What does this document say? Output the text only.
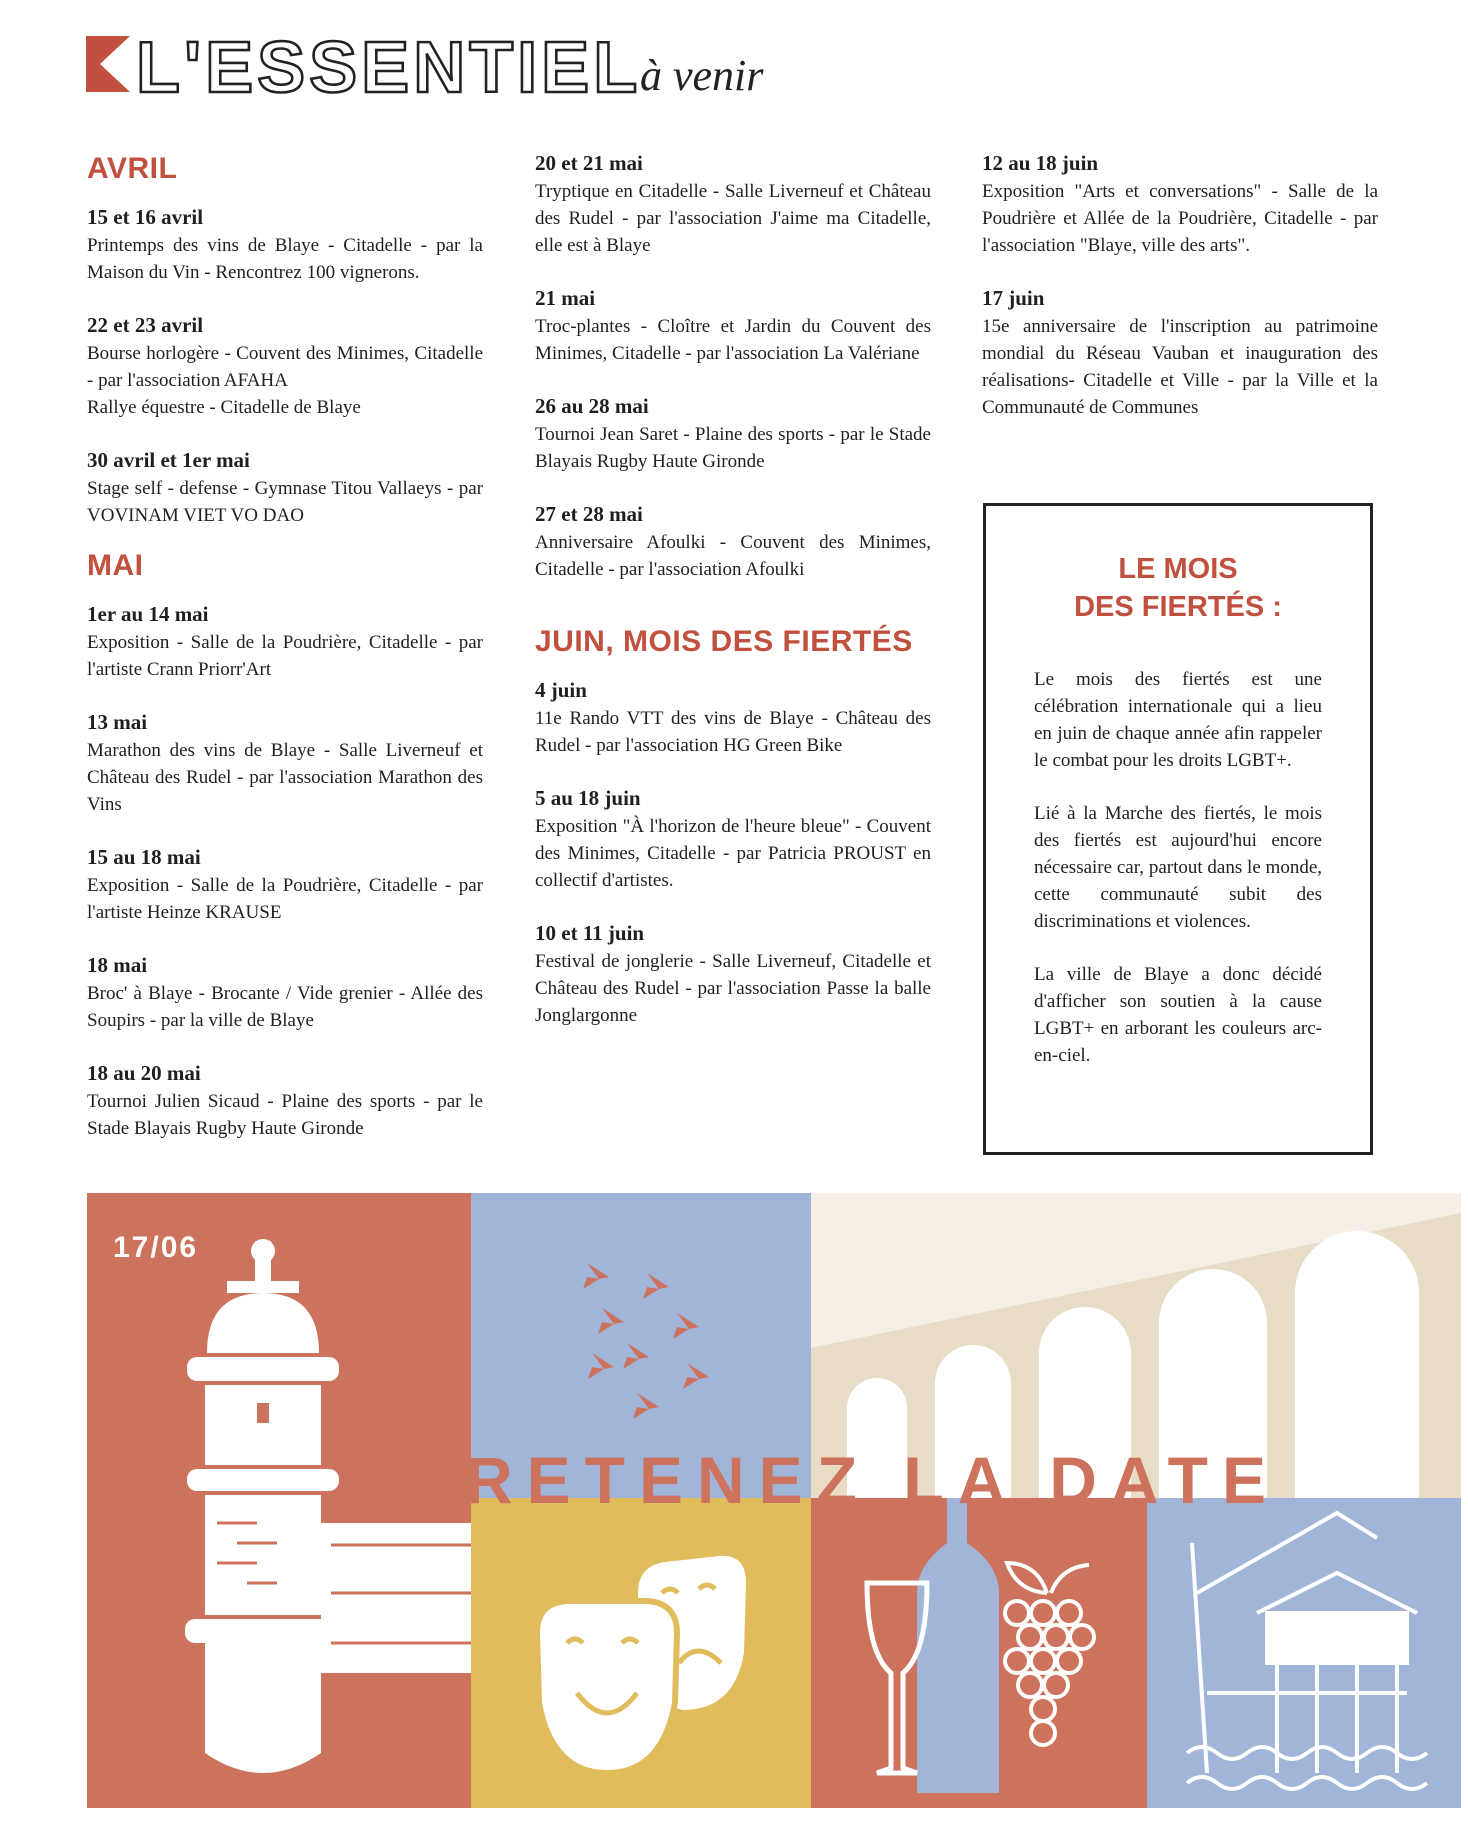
L'ESSENTIEL
à venir
AVRIL
15 et 16 avril

Printemps des vins de Blaye - Citadelle - par la Maison du Vin - Rencontrez 100 vignerons.

22 et 23 avril

Bourse horlogère - Couvent des Minimes, Citadelle - par l'association AFAHA

Rallye équestre - Citadelle de Blaye

30 avril et 1er mai

Stage self - defense - Gymnase Titou Vallaeys - par VOVINAM VIET VO DAO

MAI
1er au 14 mai

Exposition - Salle de la Poudrière, Citadelle - par l'artiste Crann Priorr'Art

13 mai

Marathon des vins de Blaye - Salle Liverneuf et Château des Rudel - par l'association Marathon des Vins

15 au 18 mai

Exposition - Salle de la Poudrière, Citadelle - par l'artiste Heinze KRAUSE

18 mai

Broc' à Blaye - Brocante / Vide grenier - Allée des Soupirs - par la ville de Blaye

18 au 20 mai

Tournoi Julien Sicaud - Plaine des sports - par le Stade Blayais Rugby Haute Gironde

20 et 21 mai

Tryptique en Citadelle - Salle Liverneuf et Château des Rudel - par l'association J'aime ma Citadelle, elle est à Blaye

21 mai

Troc-plantes - Cloître et Jardin du Couvent des Minimes, Citadelle - par l'association La Valériane

26 au 28 mai

Tournoi Jean Saret - Plaine des sports - par le Stade Blayais Rugby Haute Gironde

27 et 28 mai

Anniversaire Afoulki - Couvent des Minimes, Citadelle - par l'association Afoulki

JUIN, MOIS DES FIERTÉS
4 juin

11e Rando VTT des vins de Blaye - Château des Rudel - par l'association HG Green Bike

5 au 18 juin

Exposition "À l'horizon de l'heure bleue" - Couvent des Minimes, Citadelle - par Patricia PROUST en collectif d'artistes.

10 et 11 juin

Festival de jonglerie - Salle Liverneuf, Citadelle et Château des Rudel - par l'association Passe la balle Jonglargonne

12 au 18 juin

Exposition "Arts et conversations" - Salle de la Poudrière et Allée de la Poudrière, Citadelle - par l'association "Blaye, ville des arts".

17 juin

15e anniversaire de l'inscription au patrimoine mondial du Réseau Vauban et inauguration des réalisations- Citadelle et Ville - par la Ville et la Communauté de Communes

LE MOIS
DES FIERTÉS :

Le mois des fiertés est une célébration internationale qui a lieu en juin de chaque année afin rappeler le combat pour les droits LGBT+.

Lié à la Marche des fiertés, le mois des fiertés est aujourd'hui encore nécessaire car, partout dans le monde, cette communauté subit des discriminations et violences.

La ville de Blaye a donc décidé d'afficher son soutien à la cause LGBT+ en arborant les couleurs arc-en-ciel.

17/06
RETENEZ LA DATE
